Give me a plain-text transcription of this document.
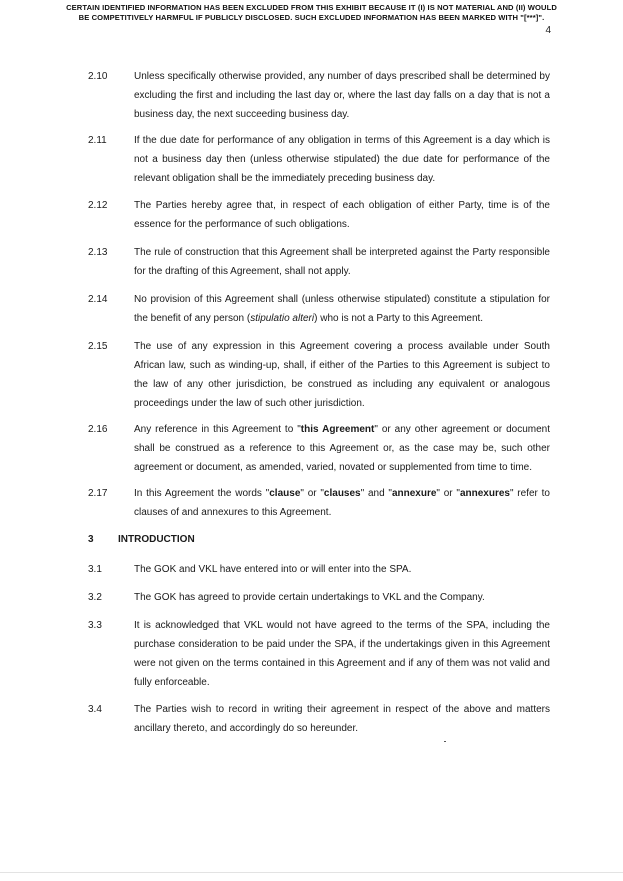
CERTAIN IDENTIFIED INFORMATION HAS BEEN EXCLUDED FROM THIS EXHIBIT BECAUSE IT (I) IS NOT MATERIAL AND (II) WOULD
BE COMPETITIVELY HARMFUL IF PUBLICLY DISCLOSED. SUCH EXCLUDED INFORMATION HAS BEEN MARKED WITH "[***]".
4
2.10	Unless specifically otherwise provided, any number of days prescribed shall be determined by excluding the first and including the last day or, where the last day falls on a day that is not a business day, the next succeeding business day.
2.11	If the due date for performance of any obligation in terms of this Agreement is a day which is not a business day then (unless otherwise stipulated) the due date for performance of the relevant obligation shall be the immediately preceding business day.
2.12	The Parties hereby agree that, in respect of each obligation of either Party, time is of the essence for the performance of such obligations.
2.13	The rule of construction that this Agreement shall be interpreted against the Party responsible for the drafting of this Agreement, shall not apply.
2.14	No provision of this Agreement shall (unless otherwise stipulated) constitute a stipulation for the benefit of any person (stipulatio alteri) who is not a Party to this Agreement.
2.15	The use of any expression in this Agreement covering a process available under South African law, such as winding-up, shall, if either of the Parties to this Agreement is subject to the law of any other jurisdiction, be construed as including any equivalent or analogous proceedings under the law of such other jurisdiction.
2.16	Any reference in this Agreement to "this Agreement" or any other agreement or document shall be construed as a reference to this Agreement or, as the case may be, such other agreement or document, as amended, varied, novated or supplemented from time to time.
2.17	In this Agreement the words "clause" or "clauses" and "annexure" or "annexures" refer to clauses of and annexures to this Agreement.
3 INTRODUCTION
3.1	The GOK and VKL have entered into or will enter into the SPA.
3.2	The GOK has agreed to provide certain undertakings to VKL and the Company.
3.3	It is acknowledged that VKL would not have agreed to the terms of the SPA, including the purchase consideration to be paid under the SPA, if the undertakings given in this Agreement were not given on the terms contained in this Agreement and if any of them was not valid and fully enforceable.
3.4	The Parties wish to record in writing their agreement in respect of the above and matters ancillary thereto, and accordingly do so hereunder.
